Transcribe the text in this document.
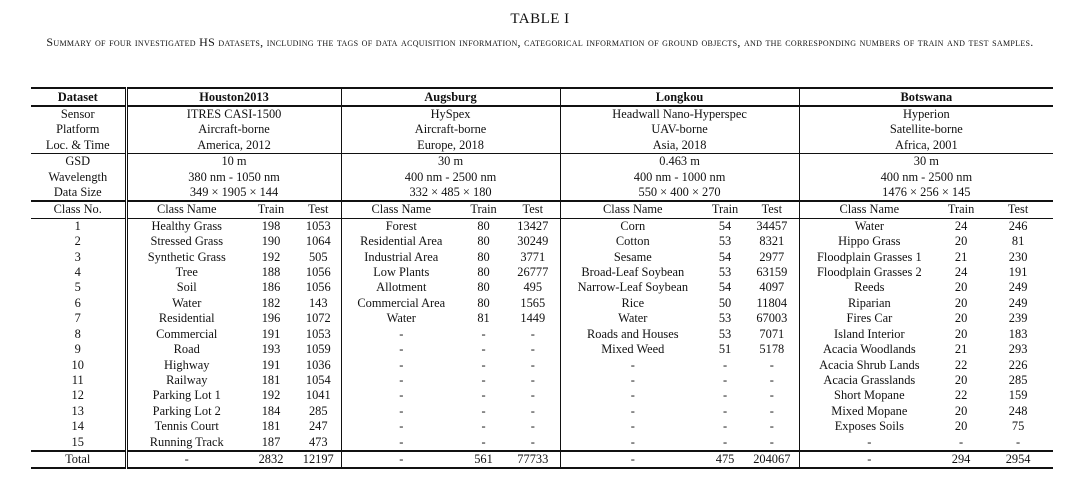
TABLE I
Summary of four investigated HS datasets, including the tags of data acquisition information, categorical information of ground objects, and the corresponding numbers of train and test samples.
Dataset	Houston2013			Augsburg			Longkou			Botswana		
Sensor	ITRES CASI-1500			HySpex			Headwall Nano-Hyperspec			Hyperion		
Platform	Aircraft-borne			Aircraft-borne			UAV-borne			Satellite-borne		
Loc. & Time	America, 2012			Europe, 2018			Asia, 2018			Africa, 2001		
GSD	10 m			30 m			0.463 m			30 m		
Wavelength	380 nm - 1050 nm			400 nm - 2500 nm			400 nm - 1000 nm			400 nm - 2500 nm		
Data Size	349 × 1905 × 144			332 × 485 × 180			550 × 400 × 270			1476 × 256 × 145		
Class No.	Class Name	Train	Test	Class Name	Train	Test	Class Name	Train	Test	Class Name	Train	Test
1	Healthy Grass	198	1053	Forest	80	13427	Corn	54	34457	Water	24	246
2	Stressed Grass	190	1064	Residential Area	80	30249	Cotton	53	8321	Hippo Grass	20	81
3	Synthetic Grass	192	505	Industrial Area	80	3771	Sesame	54	2977	Floodplain Grasses 1	21	230
4	Tree	188	1056	Low Plants	80	26777	Broad-Leaf Soybean	53	63159	Floodplain Grasses 2	24	191
5	Soil	186	1056	Allotment	80	495	Narrow-Leaf Soybean	54	4097	Reeds	20	249
6	Water	182	143	Commercial Area	80	1565	Rice	50	11804	Riparian	20	249
7	Residential	196	1072	Water	81	1449	Water	53	67003	Fires Car	20	239
8	Commercial	191	1053	-	-	-	Roads and Houses	53	7071	Island Interior	20	183
9	Road	193	1059	-	-	-	Mixed Weed	51	5178	Acacia Woodlands	21	293
10	Highway	191	1036	-	-	-	-	-	-	Acacia Shrub Lands	22	226
11	Railway	181	1054	-	-	-	-	-	-	Acacia Grasslands	20	285
12	Parking Lot 1	192	1041	-	-	-	-	-	-	Short Mopane	22	159
13	Parking Lot 2	184	285	-	-	-	-	-	-	Mixed Mopane	20	248
14	Tennis Court	181	247	-	-	-	-	-	-	Exposes Soils	20	75
15	Running Track	187	473	-	-	-	-	-	-	-	-	-
Total	-	2832	12197	-	561	77733	-	475	204067	-	294	2954
